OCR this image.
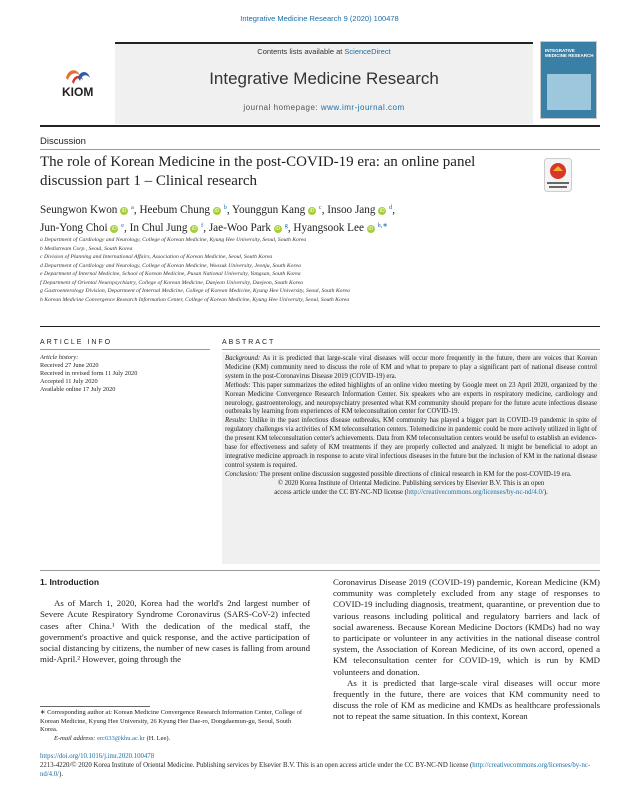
Integrative Medicine Research 9 (2020) 100478
KIOM
Contents lists available at ScienceDirect
Integrative Medicine Research
journal homepage: www.imr-journal.com
INTEGRATIVE MEDICINE RESEARCH
Discussion
The role of Korean Medicine in the post-COVID-19 era: an online panel discussion part 1 – Clinical research
Seungwon Kwon iD $^a$, Heebum Chung iD $^b$, Younggun Kang iD $^c$, Insoo Jang iD $^d$,
Jun-Yong Choi iD $^e$, In Chul Jung iD $^f$, Jae-Woo Park iD $^g$, Hyangsook Lee iD $^{h,∗}$
a Department of Cardiology and Neurology, College of Korean Medicine, Kyung Hee University, Seoul, South Korea
b Medistream Corp., Seoul, South Korea
c Division of Planning and International Affairs, Association of Korean Medicine, Seoul, South Korea
d Department of Cardiology and Neurology, College of Korean Medicine, Woosuk University, Jeonju, South Korea
e Department of Internal Medicine, School of Korean Medicine, Pusan National University, Yangsan, South Korea
f Department of Oriental Neuropsychiatry, College of Korean Medicine, Daejeon University, Daejeon, South Korea
g Gastroenterology Division, Department of Internal Medicine, College of Korean Medicine, Kyung Hee University, Seoul, South Korea
h Korean Medicine Convergence Research Information Center, College of Korean Medicine, Kyung Hee University, Seoul, South Korea
ARTICLE INFO	ABSTRACT
Article history:
Received 27 June 2020
Received in revised form 11 July 2020
Accepted 11 July 2020
Available online 17 July 2020
Background: As it is predicted that large-scale viral diseases will occur more frequently in the future, there are voices that Korean Medicine (KM) community need to discuss the role of KM and what to prepare to play a significant part of national disease control system in the post-Coronavirus Disease 2019 (COVID-19) era.
Methods: This paper summarizes the edited highlights of an online video meeting by Google meet on 23 April 2020, organized by the Korean Medicine Convergence Research Information Center. Six speakers who are experts in respiratory medicine, cardiology and neurology, gastroenterology, and neuropsychiatry presented what KM community should prepare for the future acute infectious disease outbreaks by learning from experiences of KM teleconsultation center for COVID-19.
Results: Unlike in the past infectious disease outbreaks, KM community has played a bigger part in COVID-19 pandemic in spite of regulatory challenges via activities of KM teleconsultation centers. Telemedicine in pandemic could be more actively utilized in light of the present KM teleconsultation center's achievements. Data from KM teleconsultation centers would be useful to establish an evidence-base for effectiveness and safety of KM treatments if they are properly collected and analyzed. It might be beneficial to adopt an integrative medicine approach in response to acute viral infectious diseases in the future but the inclusion of KM in the national disease control system is required.
Conclusion: The present online discussion suggested possible directions of clinical research in KM for the post-COVID-19 era.
© 2020 Korea Institute of Oriental Medicine. Publishing services by Elsevier B.V. This is an open
access article under the CC BY-NC-ND license (http://creativecommons.org/licenses/by-nc-nd/4.0/).
1. Introduction
As of March 1, 2020, Korea had the world's 2nd largest number of Severe Acute Respiratory Syndrome Coronavirus (SARS-CoV-2) infected cases after China.¹ With the dedication of the medical staff, the government's proactive and quick response, and the active participation of social distancing by citizens, the number of new cases is falling from around mid-April.² However, going through the
Coronavirus Disease 2019 (COVID-19) pandemic, Korean Medicine (KM) community was completely excluded from any stage of responses to COVID-19 including diagnosis, treatment, quarantine, or prevention due to various reasons including political and regulatory barriers and lack of social awareness. Because Korean Medicine Doctors (KMDs) had no way to participate or volunteer in any activities in the national disease control system, the Association of Korean Medicine, of its own accord, opened a KM teleconsultation center for COVID-19, which is run by KMD volunteers and donation.
As it is predicted that large-scale viral diseases will occur more frequently in the future, there are voices that KM community need to discuss the role of KM as medicine and KMDs as healthcare professionals not to repeat the same situation. In this context, Korean
∗ Corresponding author at: Korean Medicine Convergence Research Information Center, College of Korean Medicine, Kyung Hee University, 26 Kyung Hee Dae-ro, Dongdaemun-gu, Seoul, South Korea.
E-mail address: erc633@khu.ac.kr (H. Lee).
https://doi.org/10.1016/j.imr.2020.100478
2213-4220/© 2020 Korea Institute of Oriental Medicine. Publishing services by Elsevier B.V. This is an open access article under the CC BY-NC-ND license (http://creativecommons.org/licenses/by-nc-nd/4.0/).
